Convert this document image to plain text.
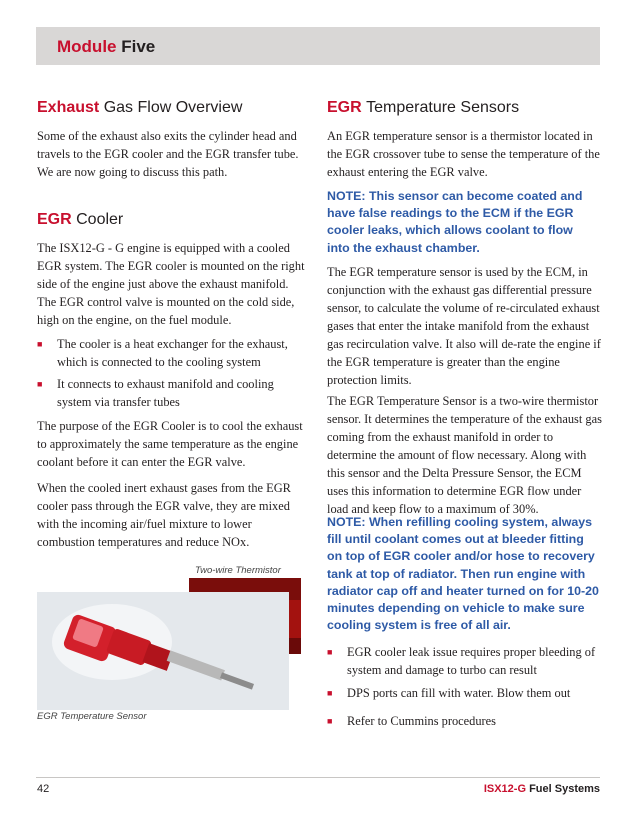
Module Five
Exhaust Gas Flow Overview

Some of the exhaust also exits the cylinder head and travels to the EGR cooler and the EGR transfer tube. We are now going to discuss this path.

EGR Cooler

The ISX12-G - G engine is equipped with a cooled EGR system. The EGR cooler is mounted on the right side of the engine just above the exhaust manifold. The EGR control valve is mounted on the cold side, high on the engine, on the fuel module.

■ The cooler is a heat exchanger for the exhaust, which is connected to the cooling system
■ It connects to exhaust manifold and cooling system via transfer tubes

The purpose of the EGR Cooler is to cool the exhaust to approximately the same temperature as the engine coolant before it can enter the EGR valve.

When the cooled inert exhaust gases from the EGR cooler pass through the EGR valve, they are mixed with the incoming air/fuel mixture to lower combustion temperatures and reduce NOx.

Two-wire Thermistor
EGR Temperature Sensor
EGR Temperature Sensors

An EGR temperature sensor is a thermistor located in the EGR crossover tube to sense the temperature of the exhaust entering the EGR valve.

NOTE: This sensor can become coated and have false readings to the ECM if the EGR cooler leaks, which allows coolant to flow into the exhaust chamber.

The EGR temperature sensor is used by the ECM, in conjunction with the exhaust gas differential pressure sensor, to calculate the volume of re-circulated exhaust gases that enter the intake manifold from the exhaust gas recirculation valve. It also will de-rate the engine if the EGR temperature is greater than the engine protection limits.

The EGR Temperature Sensor is a two-wire thermistor sensor. It determines the temperature of the exhaust gas coming from the exhaust manifold in order to determine the amount of flow necessary. Along with this sensor and the Delta Pressure Sensor, the ECM uses this information to determine EGR flow under load and keep flow to a maximum of 30%.

NOTE: When refilling cooling system, always fill until coolant comes out at bleeder fitting on top of EGR cooler and/or hose to recovery tank at top of radiator. Then run engine with radiator cap off and heater turned on for 10-20 minutes depending on vehicle to make sure cooling system is free of all air.

■ EGR cooler leak issue requires proper bleeding of system and damage to turbo can result
■ DPS ports can fill with water. Blow them out
■ Refer to Cummins procedures
42	ISX12-G Fuel Systems
